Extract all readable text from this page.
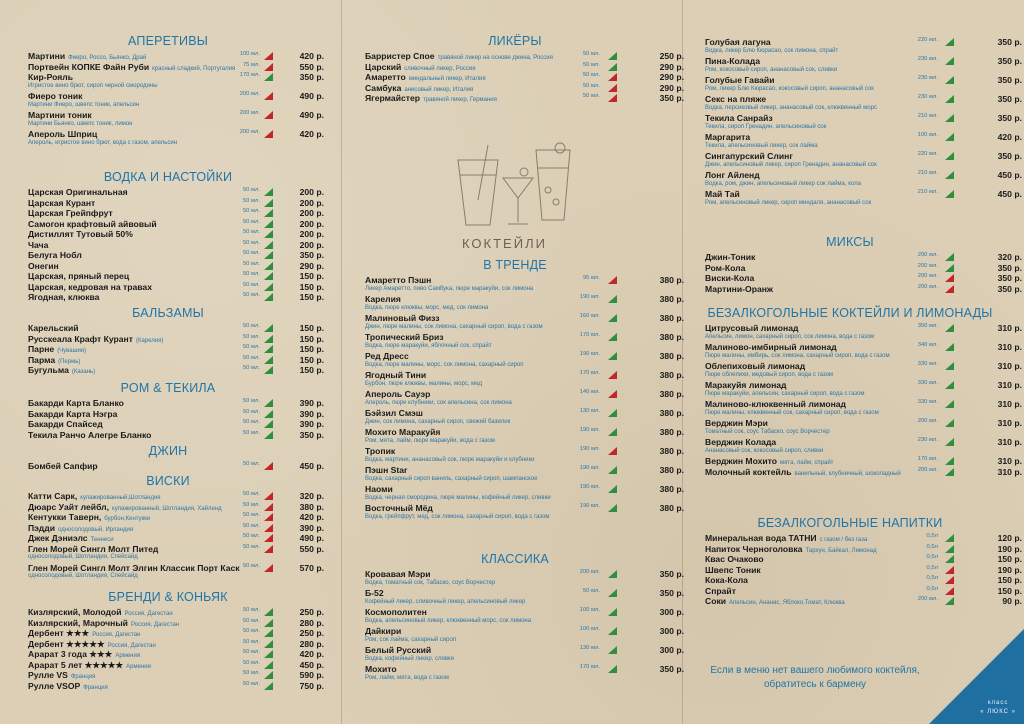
КОКТЕЙЛИ
Если в меню нет вашего любимого коктейля, обратитесь к бармену
класс
« ЛЮКС »
АПЕРЕТИВЫ
Мартини Фиеро, Россо, Бьянко, Драй
100 мл.	420 р.
Портвейн КОПКЕ Файн Руби красный сладкий, Португалия
75 мл.	550 р.
Кир-Рояль
Игристое вино брют, сироп черной смородины
170 мл.	350 р.
Фиеро тоник
Мартини Фиеро, швепс тоник, апельсин
200 мл.	490 р.
Мартини тоник
Мартини Бьянко, швепс тоник, лимон
200 мл.	490 р.
Апероль Шприц
Апероль, игристое вино брют, вода с газом, апельсин
200 мл.	420 р.
ВОДКА И НАСТОЙКИ
Царская Оригинальная	50 мл.	200 р.
Царская Курант	50 мл.	200 р.
Царская Грейпфрут	50 мл.	200 р.
Самогон крафтовый айвовый	50 мл.	200 р.
Дистиллят Тутовый 50%	50 мл.	200 р.
Чача	50 мл.	200 р.
Белуга Нобл	50 мл.	350 р.
Онегин	50 мл.	290 р.
Царская, пряный перец	50 мл.	150 р.
Царская, кедровая на травах	50 мл.	150 р.
Ягодная, клюква	50 мл.	150 р.
БАЛЬЗАМЫ
Карельский	50 мл.	150 р.
Русскеала Крафт Курант (Карелия)
50 мл.	150 р.
Парне (Чувашия)
50 мл.	150 р.
Парма (Пермь)
50 мл.	150 р.
Бугульма (Казань)
50 мл.	150 р.
РОМ & ТЕКИЛА
Бакарди Карта Бланко	50 мл.	390 р.
Бакарди Карта Нэгра	50 мл.	390 р.
Бакарди Спайсед	50 мл.	390 р.
Текила Ранчо Алегре Бланко	50 мл.	350 р.
ДЖИН
Бомбей Сапфир	50 мл.	450 р.
ВИСКИ
Катти Сарк, купажированный,Шотландия
50 мл.	320 р.
Дюарс Уайт лейбл, купажированный, Шотландия, Хайленд
50 мл.	380 р.
Кентукки Таверн, бурбон,Кентукки
50 мл.	420 р.
Пэдди односолодовый, Ирландия
50 мл.	390 р.
Джек Дэниэлс Теннеси
50 мл.	490 р.
Глен Морей Сингл Молт Питед
односолодовый, Шотландия, Спейсайд
50 мл.	550 р.
Глен Морей Сингл Молт Элгин Классик Порт Каск
односолодовый, Шотландия, Спейсайд
50 мл.	570 р.
БРЕНДИ & КОНЬЯК
Кизлярский, Молодой Россия, Дагестан
50 мл.	250 р.
Кизлярский, Марочный Россия, Дагестан
50 мл.	280 р.
Дербент ★★★ Россия, Дагестан
50 мл.	250 р.
Дербент ★★★★★ Россия, Дагестан
50 мл.	280 р.
Арарат 3 года ★★★ Армения
50 мл.	420 р.
Арарат 5 лет ★★★★★ Армения
50 мл.	450 р.
Рулле VS Франция
50 мл.	590 р.
Рулле VSOP Франция
50 мл.	750 р.
ЛИКЁРЫ
Барристер Спое травяной ликер на основе джина, Россия
50 мл.	250 р.
Царский сливочный ликер, Россия
50 мл.	290 р.
Амаретто миндальный ликер, Италия
50 мл.	290 р.
Самбука анисовый ликер, Италия
50 мл.	290 р.
Ягермайстер травяной ликер, Германия
50 мл.	350 р.
В ТРЕНДЕ
Амаретто Пэшн
Ликер Амаретто, пиво Самбука, пюре маракуйи, сок лимона
95 мл.	380 р.
Карелия
Водка, пюре клюквы, морс, мед, сок лимона
190 мл.	380 р.
Малиновый Физз
Джин, пюре малины, сок лимона, сахарный сироп, вода с газом
160 мл.	380 р.
Тропический Бриз
Водка, пюре маракуйи, яблочный сок, спрайт
170 мл.	380 р.
Ред Дресс
Водка, пюре малины, морс, сок лимона, сахарный сироп
190 мл.	380 р.
Ягодный Тини
Бурбон, пюре клюквы, малины, морс, мед
170 мл.	380 р.
Апероль Сауэр
Апероль, пюре клубники, сок апельсина, сок лимона
140 мл.	380 р.
Бэйзил Смэш
Джин, сок лимона, сахарный сироп, свежий базилик
130 мл.	380 р.
Мохито Маракуйя
Ром, мята, лайм, пюре маракуйи, вода с газом
190 мл.	380 р.
Тропик
Водка, мартини, ананасовый сок, пюре маракуйи и клубники
190 мл.	380 р.
Пэшн Star
Водка, сахарный сироп ваниль, сахарный сироп, шампанское
190 мл.	380 р.
Наоми
Водка, черная смородина, пюре малины, кофейный ликер, сливки
190 мл.	380 р.
Восточный Мёд
Водка, грейпфрут, мед, сок лимона, сахарный сироп, вода с газом
190 мл.	380 р.
КЛАССИКА
Кровавая Мэри
Водка, томатный сок, Табаско, соус Ворчестер
200 мл.	350 р.
Б-52
Кофейный ликер, сливочный ликер, апельсиновый ликер
50 мл.	350 р.
Космополитен
Водка, апельсиновый ликер, клюквенный морс, сок лимона
100 мл.	300 р.
Дайкири
Ром, сок лайма, сахарный сироп
100 мл.	300 р.
Белый Русский
Водка, кофейный ликер, сливки
130 мл.	300 р.
Мохито
Ром, лайм, мята, вода с газом
170 мл.	350 р.
Голубая лагуна
Водка, ликер Блю Кюрасао, сок лимона, спрайт
220 мл.	350 р.
Пина-Колада
Ром, кокосовый сироп, ананасовый сок, сливки
230 мл.	350 р.
Голубые Гавайи
Ром, ликер Блю Кюрасао, кокосовый сироп, ананасовый сок
230 мл.	350 р.
Секс на пляже
Водка, персиковый ликер, ананасовый сок, клюквенный морс
230 мл.	350 р.
Текила Санрайз
Текила, сироп Гренадин, апельсиновый сок
210 мл.	350 р.
Маргарита
Текила, апельсиновый ликер, сок лайма
100 мл.	420 р.
Сингапурский Слинг
Джин, апельсиновый ликер, сироп Гренадин, ананасовый сок
220 мл.	350 р.
Лонг Айленд
Водка, ром, джин, апельсиновый ликер сок лайма, кола
210 мл.	450 р.
Май Тай
Ром, апельсиновый ликер, сироп миндаля, ананасовый сок
210 мл.	450 р.
МИКСЫ
Джин-Тоник	200 мл.	320 р.
Ром-Кола	200 мл.	350 р.
Виски-Кола	200 мл.	350 р.
Мартини-Оранж	200 мл.	350 р.
БЕЗАЛКОГОЛЬНЫЕ КОКТЕЙЛИ И ЛИМОНАДЫ
Цитрусовый лимонад
Апельсин, лимон, сахарный сироп, сок лимона, вода с газом
350 мл.	310 р.
Малиново-имбирный лимонад
Пюре малины, имбирь, сок лимона, сахарный сироп, вода с газом
340 мл.	310 р.
Облепиховый лимонад
Пюре облепихи, медовый сироп, вода с газом
330 мл.	310 р.
Маракуйя лимонад
Пюре маракуйи, апельсин, сахарный сироп, вода с газом
330 мл.	310 р.
Малиново-клюквенный лимонад
Пюре малины, клюквенный сок, сахарный сироп, вода с газом
330 мл.	310 р.
Верджин Мэри
Томатный сок, соус Табаско, соус Ворчестер
200 мл.	310 р.
Верджин Колада
Ананасовый сок, кокосовый сироп, сливки
230 мл.	310 р.
Верджин Мохито мята, лайм, спрайт
170 мл.	310 р.
Молочный коктейль ванильный, клубничный, шоколадный
200 мл.	310 р.
БЕЗАЛКОГОЛЬНЫЕ НАПИТКИ
Минеральная вода ТАТНИ с газом / без газа
0,5л	120 р.
Напиток Черноголовка Тархун, Байкал, Лимонад
0,5л	190 р.
Квас Очаково	0,5л	150 р.
Швепс Тоник	0,5л	190 р.
Кока-Кола	0,5л	150 р.
Спрайт	0,5л	150 р.
Соки Апельсин, Ананас, Яблоко,Томат, Клюква
200 мл.	90 р.
